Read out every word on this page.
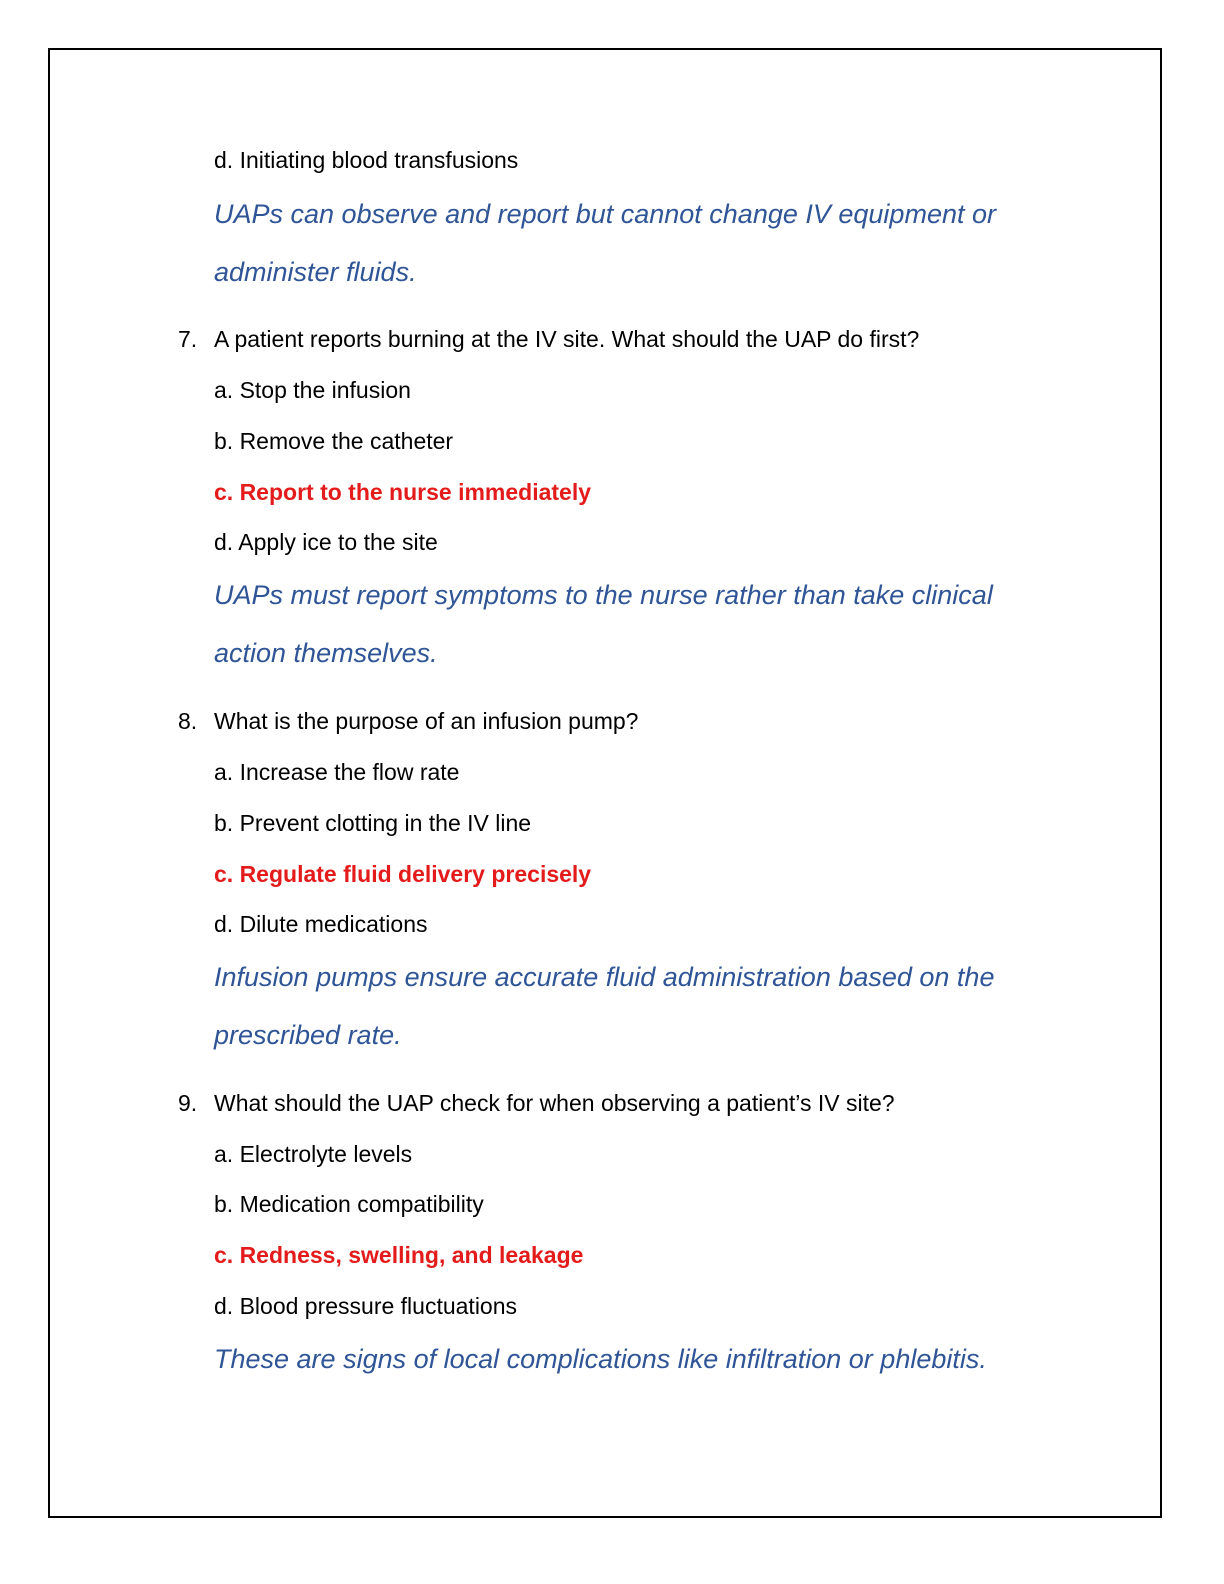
d. Initiating blood transfusions
UAPs can observe and report but cannot change IV equipment or
administer fluids.
7. A patient reports burning at the IV site. What should the UAP do first?
a. Stop the infusion
b. Remove the catheter
c. Report to the nurse immediately
d. Apply ice to the site
UAPs must report symptoms to the nurse rather than take clinical
action themselves.
8. What is the purpose of an infusion pump?
a. Increase the flow rate
b. Prevent clotting in the IV line
c. Regulate fluid delivery precisely
d. Dilute medications
Infusion pumps ensure accurate fluid administration based on the
prescribed rate.
9. What should the UAP check for when observing a patient’s IV site?
a. Electrolyte levels
b. Medication compatibility
c. Redness, swelling, and leakage
d. Blood pressure fluctuations
These are signs of local complications like infiltration or phlebitis.
